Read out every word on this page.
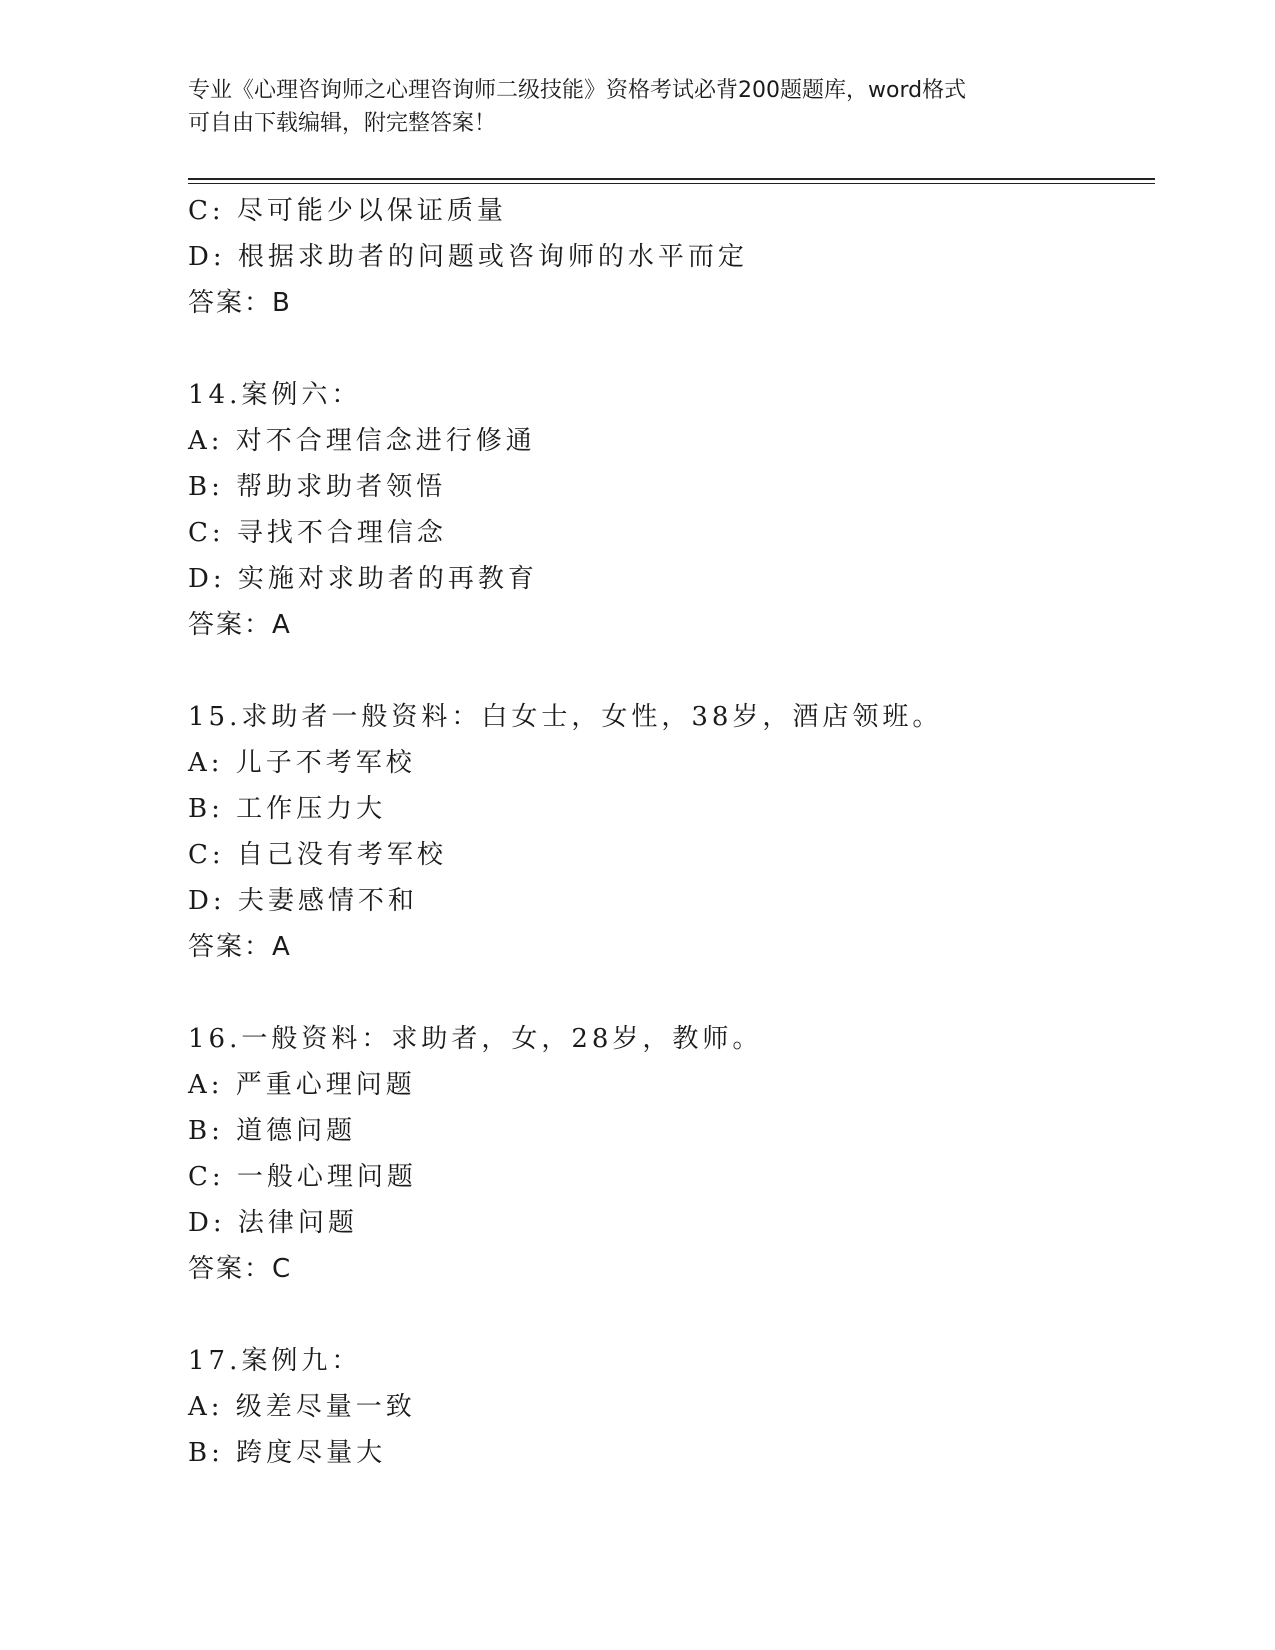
专业《心理咨询师之心理咨询师二级技能》资格考试必背200题题库，word格式
可自由下载编辑，附完整答案！
C: 尽可能少以保证质量
D: 根据求助者的问题或咨询师的水平而定
答案：B
14.案例六：
A: 对不合理信念进行修通
B: 帮助求助者领悟
C: 寻找不合理信念
D: 实施对求助者的再教育
答案：A
15.求助者一般资料：白女士，女性，38岁，酒店领班。
A: 儿子不考军校
B: 工作压力大
C: 自己没有考军校
D: 夫妻感情不和
答案：A
16.一般资料：求助者，女，28岁，教师。
A: 严重心理问题
B: 道德问题
C: 一般心理问题
D: 法律问题
答案：C
17.案例九：
A: 级差尽量一致
B: 跨度尽量大
